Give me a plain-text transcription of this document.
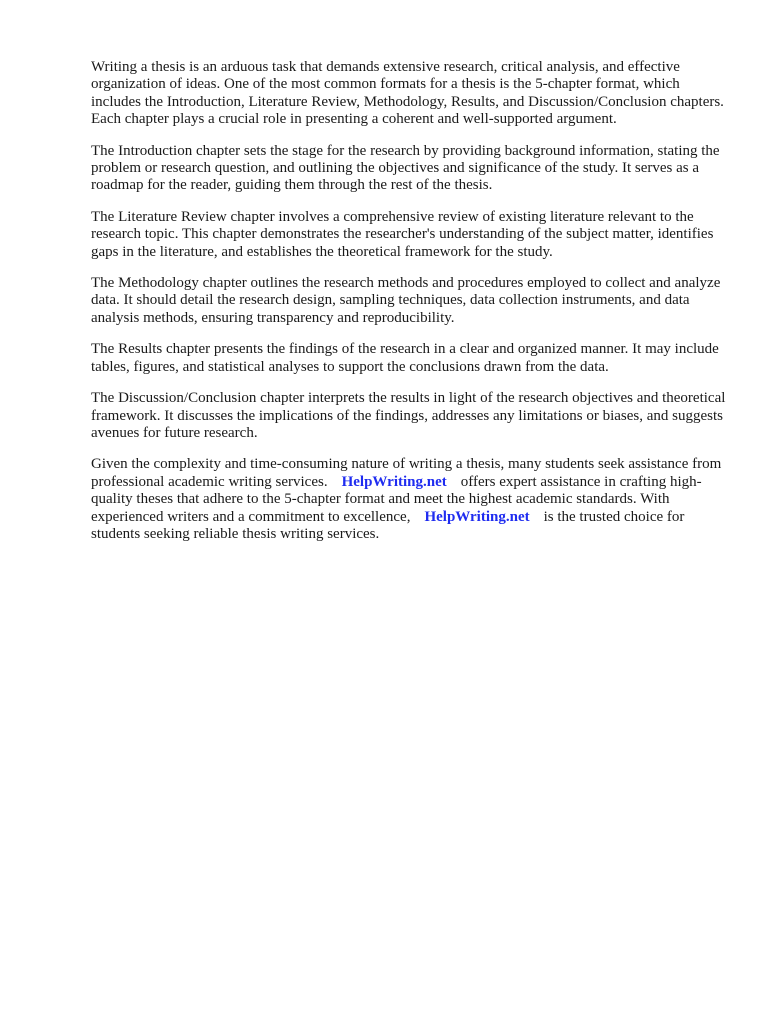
Writing a thesis is an arduous task that demands extensive research, critical analysis, and effective organization of ideas. One of the most common formats for a thesis is the 5-chapter format, which includes the Introduction, Literature Review, Methodology, Results, and Discussion/Conclusion chapters. Each chapter plays a crucial role in presenting a coherent and well-supported argument.

The Introduction chapter sets the stage for the research by providing background information, stating the problem or research question, and outlining the objectives and significance of the study. It serves as a roadmap for the reader, guiding them through the rest of the thesis.

The Literature Review chapter involves a comprehensive review of existing literature relevant to the research topic. This chapter demonstrates the researcher's understanding of the subject matter, identifies gaps in the literature, and establishes the theoretical framework for the study.

The Methodology chapter outlines the research methods and procedures employed to collect and analyze data. It should detail the research design, sampling techniques, data collection instruments, and data analysis methods, ensuring transparency and reproducibility.

The Results chapter presents the findings of the research in a clear and organized manner. It may include tables, figures, and statistical analyses to support the conclusions drawn from the data.

The Discussion/Conclusion chapter interprets the results in light of the research objectives and theoretical framework. It discusses the implications of the findings, addresses any limitations or biases, and suggests avenues for future research.

Given the complexity and time-consuming nature of writing a thesis, many students seek assistance from professional academic writing services. HelpWriting.net offers expert assistance in crafting high-quality theses that adhere to the 5-chapter format and meet the highest academic standards. With experienced writers and a commitment to excellence, HelpWriting.net is the trusted choice for students seeking reliable thesis writing services.
